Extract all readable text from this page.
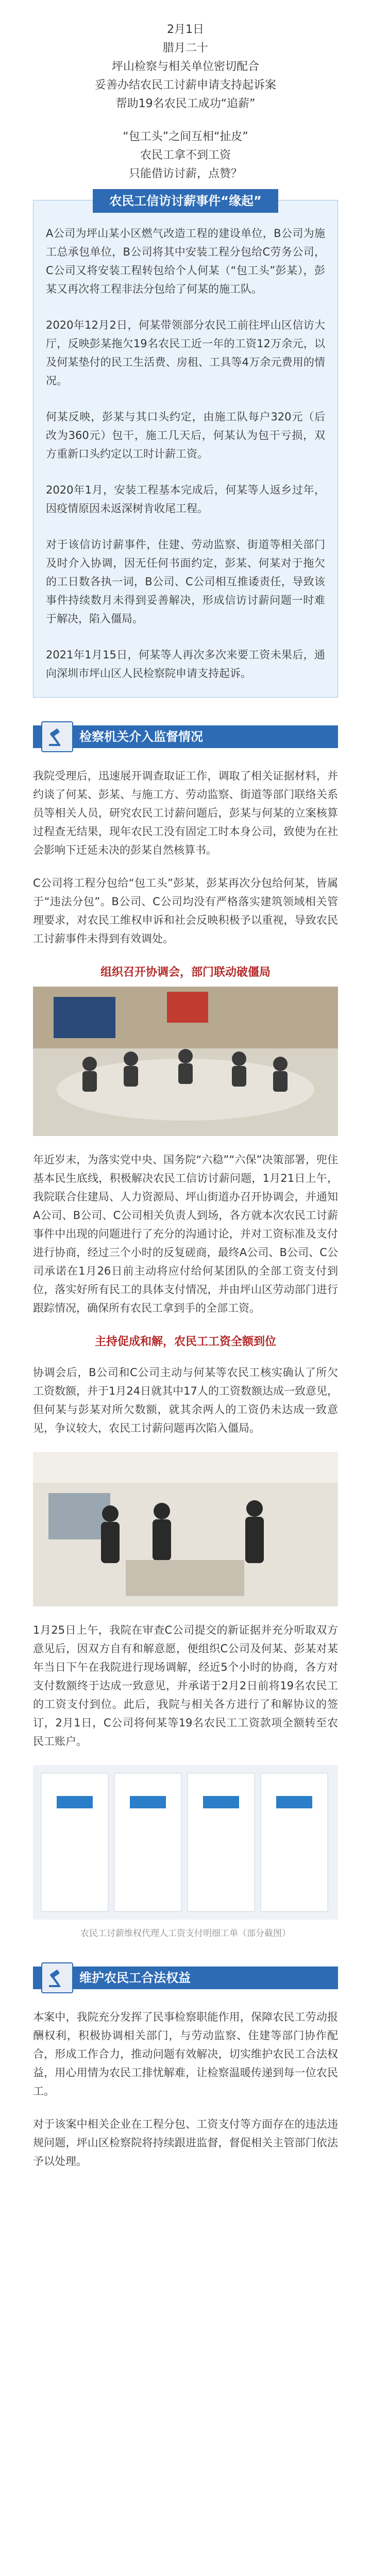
2月1日
腊月二十
坪山检察与相关单位密切配合
妥善办结农民工讨薪申请支持起诉案
帮助19名农民工成功“追薪”
“包工头”之间互相“扯皮”
农民工拿不到工资
只能借访讨薪，点赞？
农民工信访讨薪事件“缘起”

A公司为坪山某小区燃气改造工程的建设单位，B公司为施工总承包单位，B公司将其中安装工程分包给C劳务公司，C公司又将安装工程转包给个人何某（“包工头”彭某），彭某又再次将工程非法分包给了何某的施工队。

2020年12月2日，何某带领部分农民工前往坪山区信访大厅，反映彭某拖欠19名农民工近一年的工资12万余元，以及何某垫付的民工生活费、房租、工具等4万余元费用的情况。

何某反映，彭某与其口头约定，由施工队每户320元（后改为360元）包干，施工几天后，何某认为包干亏损，双方重新口头约定以工时计薪工资。

2020年1月，安装工程基本完成后，何某等人返乡过年，因疫情原因未返深树肯收尾工程。

对于该信访讨薪事件，住建、劳动监察、街道等相关部门及时介入协调，因无任何书面约定，彭某、何某对于拖欠的工日数各执一词，B公司、C公司相互推诿责任，导致该事件持续数月未得到妥善解决，形成信访讨薪问题一时难于解决，陷入僵局。

2021年1月15日，何某等人再次多次来要工资未果后，通向深圳市坪山区人民检察院申请支持起诉。

检察机关介入监督情况

我院受理后，迅速展开调查取证工作，调取了相关证据材料，并约谈了何某、彭某、与施工方、劳动监察、街道等部门联络关系员等相关人员，研究农民工讨薪问题后，彭某与何某的立案核算过程查无结果，现年农民工没有固定工时本身公司，致使为在社会影响下迁延未决的彭某自然核算书。

C公司将工程分包给“包工头”彭某，彭某再次分包给何某，皆属于“违法分包”。B公司、C公司均没有严格落实建筑领域相关管理要求，对农民工维权申诉和社会反映积极予以重视，导致农民工讨薪事件未得到有效调处。

组织召开协调会，部门联动破僵局

年近岁末，为落实党中央、国务院“六稳”“六保”决策部署，兜住基本民生底线，积极解决农民工信访讨薪问题，1月21日上午，我院联合住建局、人力资源局、坪山街道办召开协调会，并通知A公司、B公司、C公司相关负责人到场，各方就本次农民工讨薪事件中出现的问题进行了充分的沟通讨论，并对工资标准及支付进行协商，经过三个小时的反复磋商，最终A公司、B公司、C公司承诺在1月26日前主动将应付给何某团队的全部工资支付到位，落实好所有民工的具体支付情况，并由坪山区劳动部门进行跟踪情况，确保所有农民工拿到手的全部工资。

主持促成和解，农民工工资全额到位

协调会后，B公司和C公司主动与何某等农民工核实确认了所欠工资数额，并于1月24日就其中17人的工资数额达成一致意见，但何某与彭某对所欠数额，就其余两人的工资仍未达成一致意见，争议较大，农民工讨薪问题再次陷入僵局。

1月25日上午，我院在审查C公司提交的新证据并充分听取双方意见后，因双方自有和解意愿，便组织C公司及何某、彭某对某年当日下午在我院进行现场调解，经近5个小时的协商，各方对支付数额终于达成一致意见，并承诺于2月2日前将19名农民工的工资支付到位。此后，我院与相关各方进行了和解协议的签订，2月1日，C公司将何某等19名农民工工资款项全额转至农民工账户。

农民工讨薪维权代理人工资支付明细工单（部分截图）
维护农民工合法权益

本案中，我院充分发挥了民事检察职能作用，保障农民工劳动报酬权利，积极协调相关部门，与劳动监察、住建等部门协作配合，形成工作合力，推动问题有效解决，切实维护农民工合法权益，用心用情为农民工排忧解难，让检察温暖传递到每一位农民工。

对于该案中相关企业在工程分包、工资支付等方面存在的违法违规问题，坪山区检察院将持续跟进监督，督促相关主管部门依法予以处理。
